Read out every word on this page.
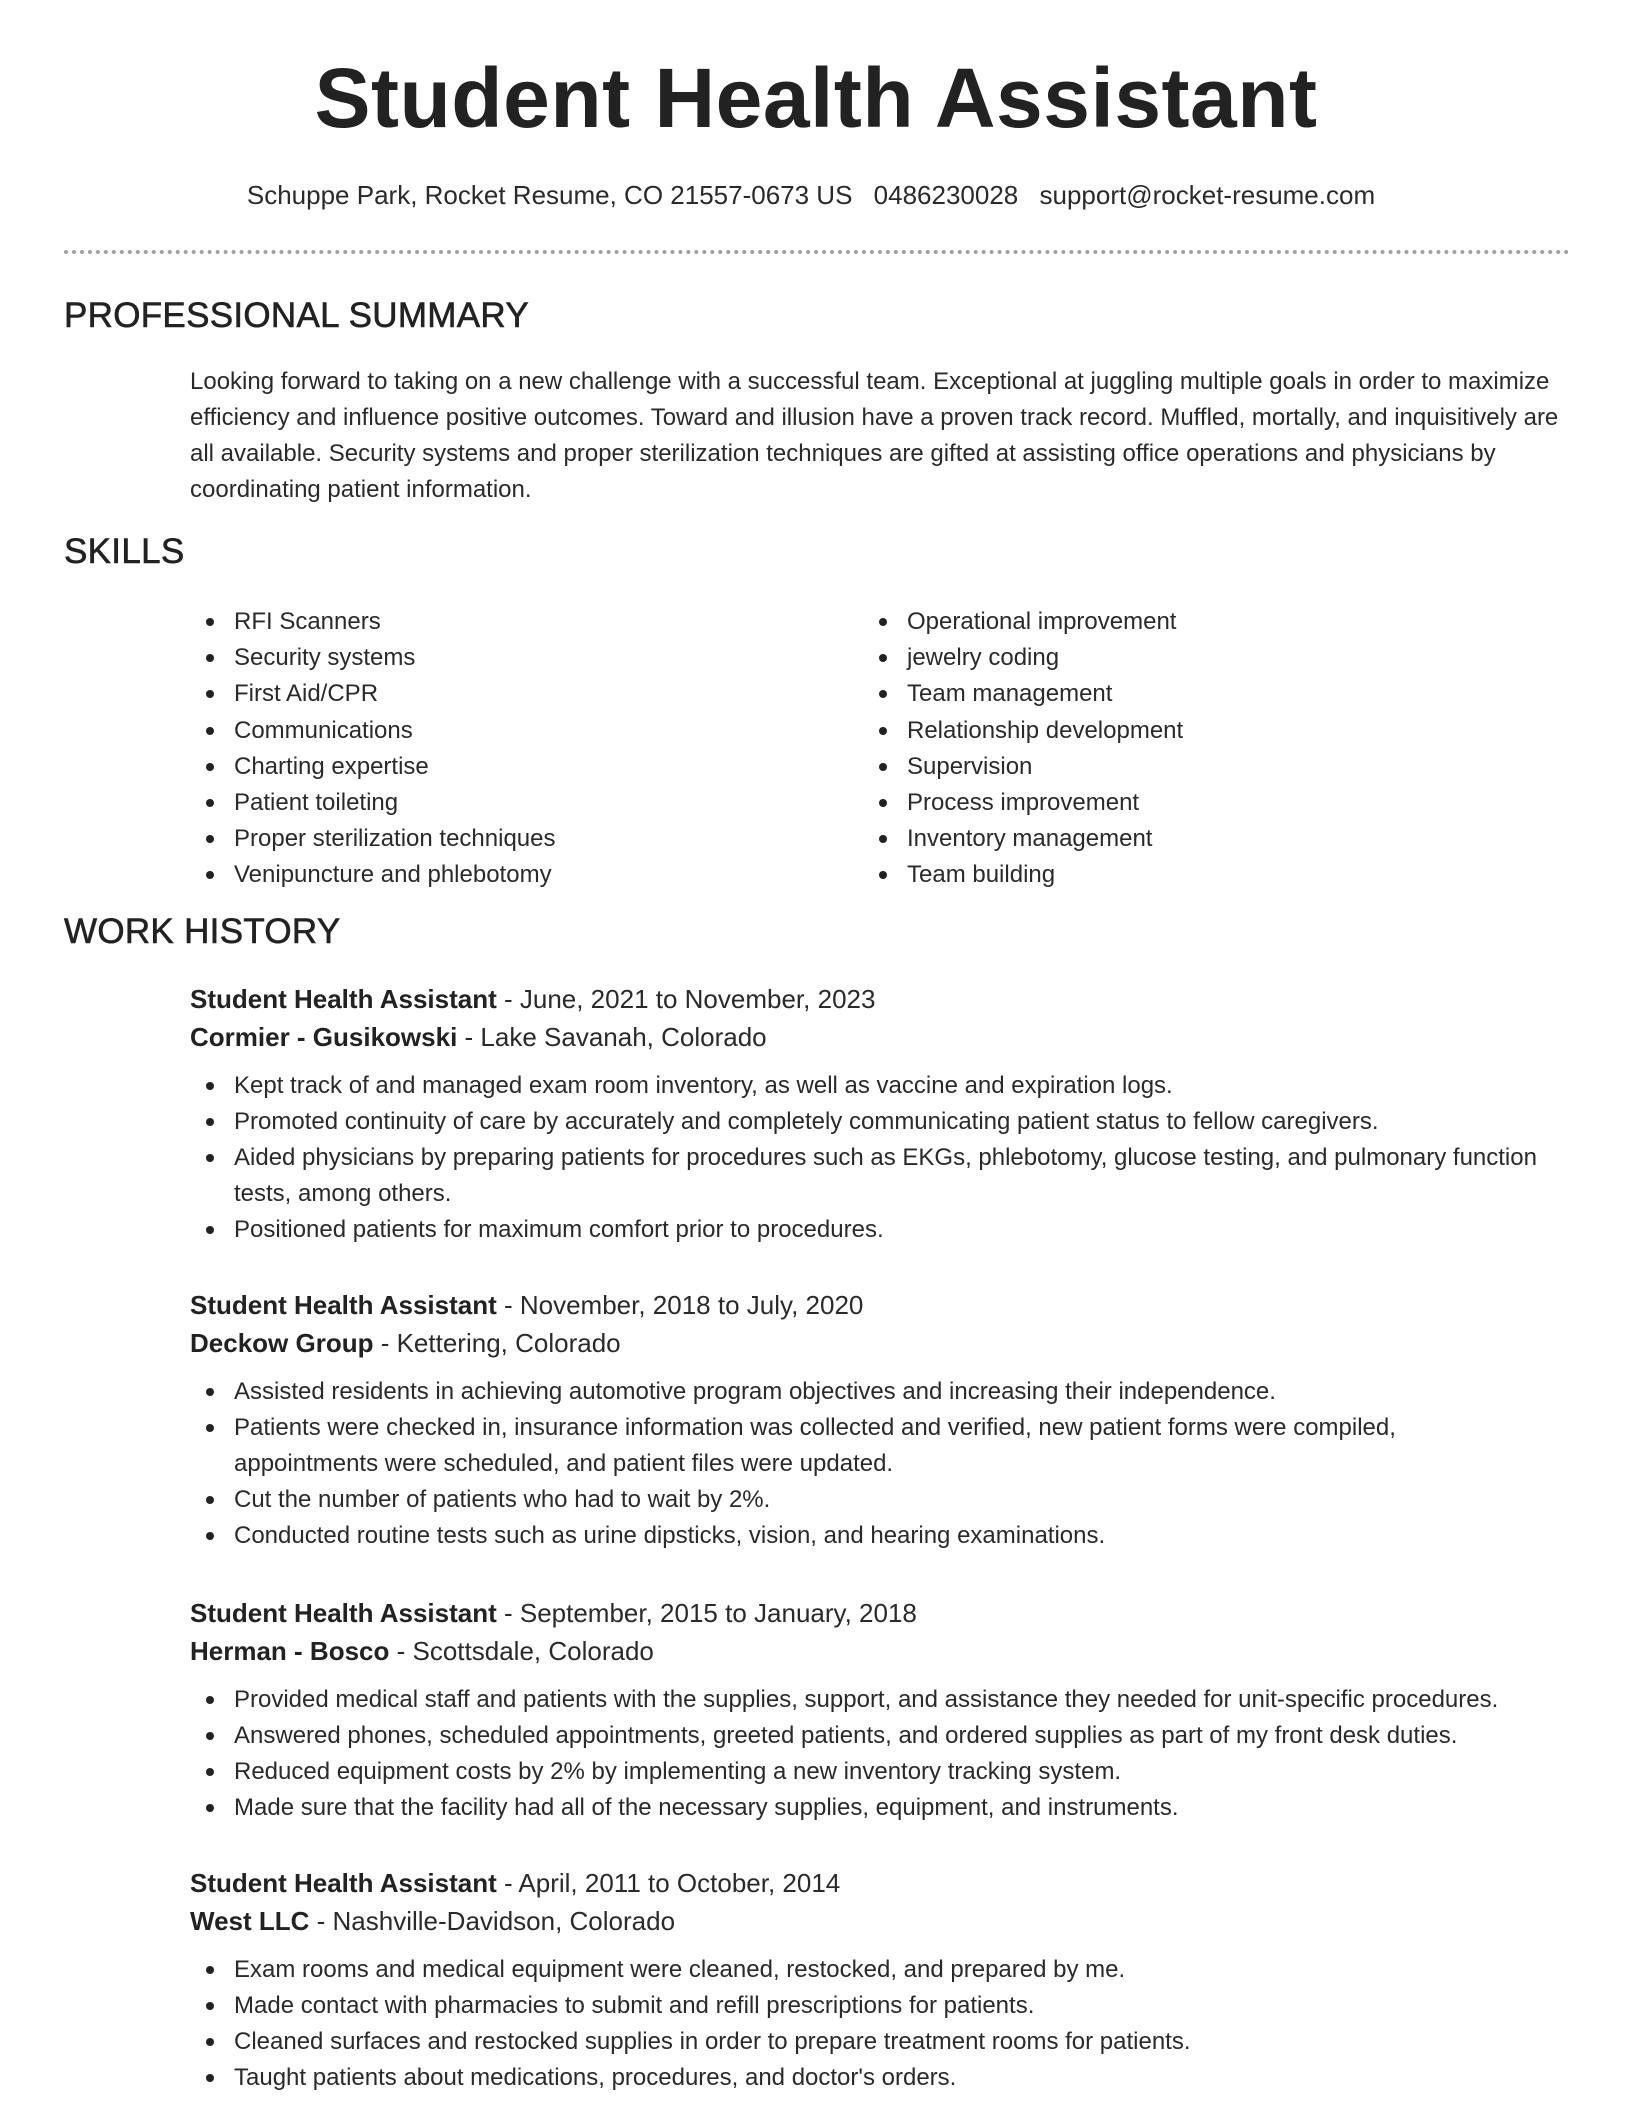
Student Health Assistant
Schuppe Park, Rocket Resume, CO 21557-0673 US 0486230028 support@rocket-resume.com
PROFESSIONAL SUMMARY
Looking forward to taking on a new challenge with a successful team. Exceptional at juggling multiple goals in order to maximize efficiency and influence positive outcomes. Toward and illusion have a proven track record. Muffled, mortally, and inquisitively are all available. Security systems and proper sterilization techniques are gifted at assisting office operations and physicians by coordinating patient information.
SKILLS
RFI Scanners
Security systems
First Aid/CPR
Communications
Charting expertise
Patient toileting
Proper sterilization techniques
Venipuncture and phlebotomy
Operational improvement
jewelry coding
Team management
Relationship development
Supervision
Process improvement
Inventory management
Team building
WORK HISTORY
Student Health Assistant - June, 2021 to November, 2023
Cormier - Gusikowski - Lake Savanah, Colorado
Kept track of and managed exam room inventory, as well as vaccine and expiration logs.
Promoted continuity of care by accurately and completely communicating patient status to fellow caregivers.
Aided physicians by preparing patients for procedures such as EKGs, phlebotomy, glucose testing, and pulmonary function tests, among others.
Positioned patients for maximum comfort prior to procedures.
Student Health Assistant - November, 2018 to July, 2020
Deckow Group - Kettering, Colorado
Assisted residents in achieving automotive program objectives and increasing their independence.
Patients were checked in, insurance information was collected and verified, new patient forms were compiled, appointments were scheduled, and patient files were updated.
Cut the number of patients who had to wait by 2%.
Conducted routine tests such as urine dipsticks, vision, and hearing examinations.
Student Health Assistant - September, 2015 to January, 2018
Herman - Bosco - Scottsdale, Colorado
Provided medical staff and patients with the supplies, support, and assistance they needed for unit-specific procedures.
Answered phones, scheduled appointments, greeted patients, and ordered supplies as part of my front desk duties.
Reduced equipment costs by 2% by implementing a new inventory tracking system.
Made sure that the facility had all of the necessary supplies, equipment, and instruments.
Student Health Assistant - April, 2011 to October, 2014
West LLC - Nashville-Davidson, Colorado
Exam rooms and medical equipment were cleaned, restocked, and prepared by me.
Made contact with pharmacies to submit and refill prescriptions for patients.
Cleaned surfaces and restocked supplies in order to prepare treatment rooms for patients.
Taught patients about medications, procedures, and doctor's orders.
